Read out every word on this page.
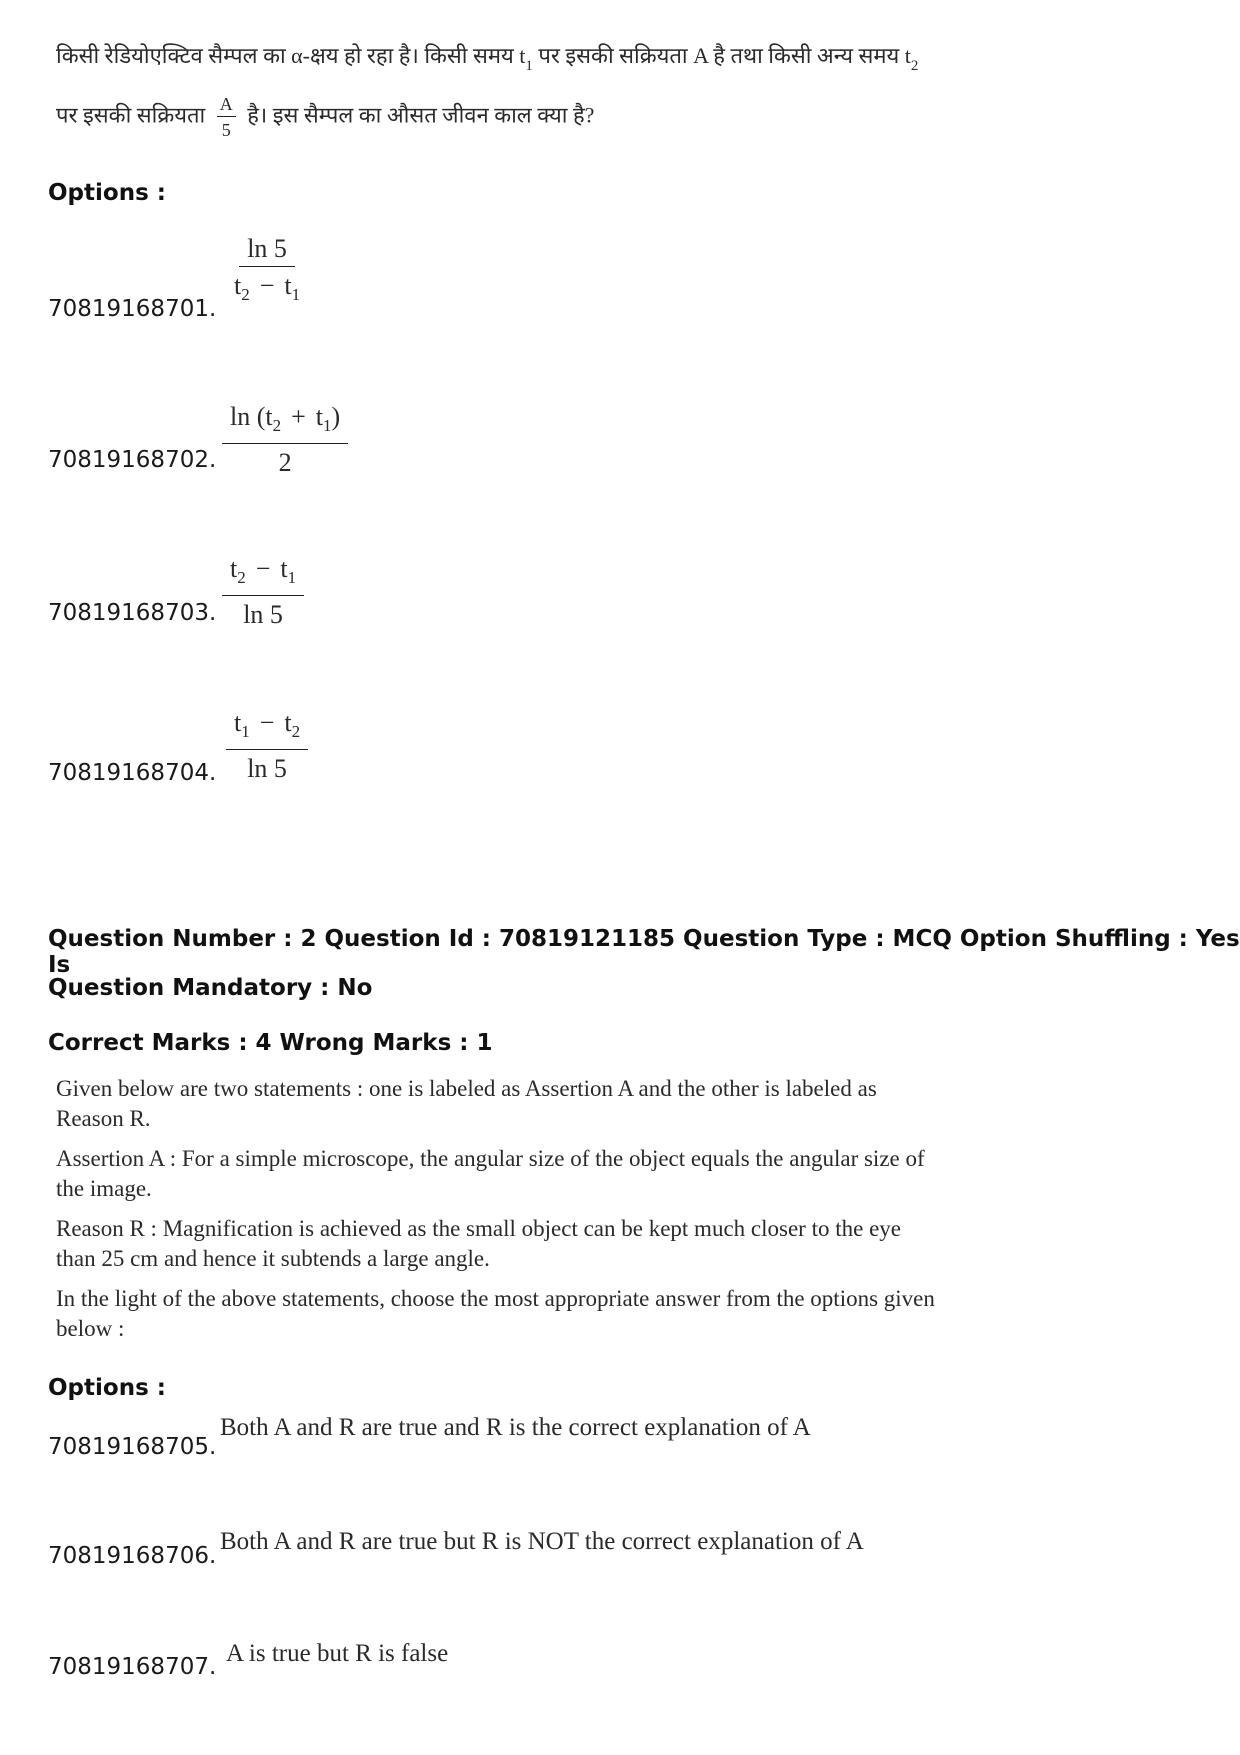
किसी रेडियोएक्टिव सैम्पल का α-क्षय हो रहा है। किसी समय $t_1$ पर इसकी सक्रियता A है तथा किसी अन्य समय $t_2$
पर इसकी सक्रियता $\frac{A}{5}$ है। इस सैम्पल का औसत जीवन काल क्या है?
Options :
$\frac{\ln 5}{t_2 - t_1}$
70819168701.
$\frac{\ln (t_2 + t_1)}{2}$
70819168702.
$\frac{t_2 - t_1}{\ln 5}$
70819168703.
$\frac{t_1 - t_2}{\ln 5}$
70819168704.
Question Number : 2 Question Id : 70819121185 Question Type : MCQ Option Shuffling : Yes Is
Question Mandatory : No
Correct Marks : 4 Wrong Marks : 1
Given below are two statements : one is labeled as Assertion A and the other is labeled as Reason R.
Assertion A : For a simple microscope, the angular size of the object equals the angular size of the image.
Reason R : Magnification is achieved as the small object can be kept much closer to the eye than 25 cm and hence it subtends a large angle.
In the light of the above statements, choose the most appropriate answer from the options given below :
Options :
Both A and R are true and R is the correct explanation of A
70819168705.
Both A and R are true but R is NOT the correct explanation of A
70819168706.
A is true but R is false
70819168707.
